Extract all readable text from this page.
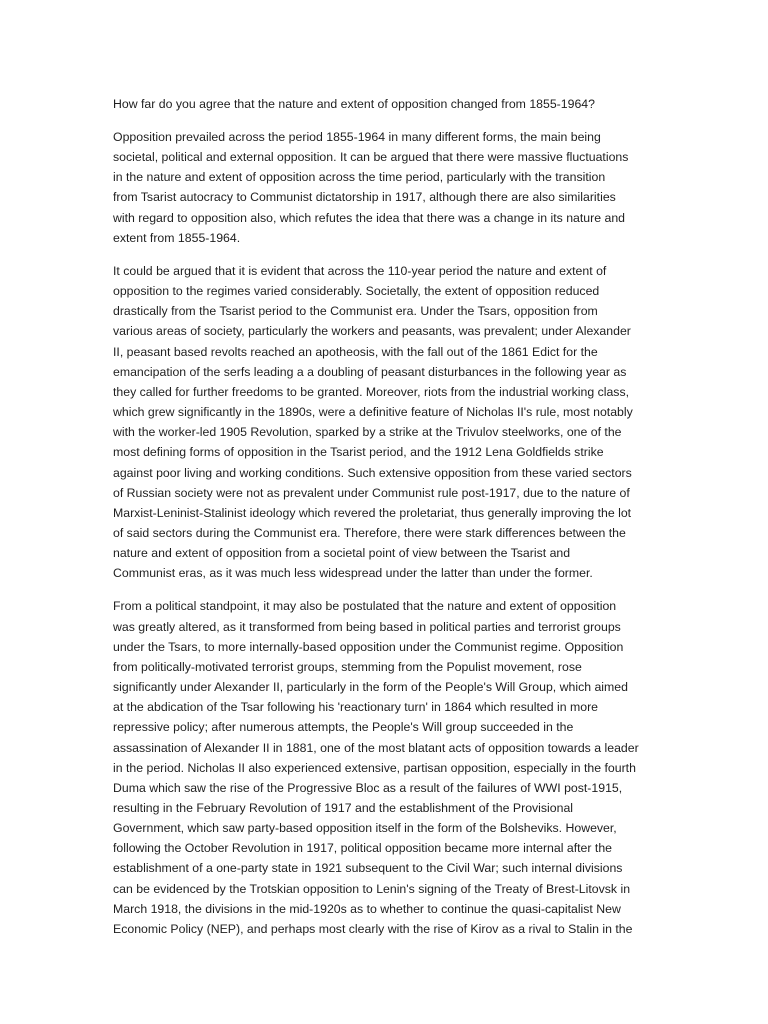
How far do you agree that the nature and extent of opposition changed from 1855-1964?

Opposition prevailed across the period 1855-1964 in many different forms, the main being
societal, political and external opposition. It can be argued that there were massive fluctuations
in the nature and extent of opposition across the time period, particularly with the transition
from Tsarist autocracy to Communist dictatorship in 1917, although there are also similarities
with regard to opposition also, which refutes the idea that there was a change in its nature and
extent from 1855-1964.

It could be argued that it is evident that across the 110-year period the nature and extent of
opposition to the regimes varied considerably. Societally, the extent of opposition reduced
drastically from the Tsarist period to the Communist era. Under the Tsars, opposition from
various areas of society, particularly the workers and peasants, was prevalent; under Alexander
II, peasant based revolts reached an apotheosis, with the fall out of the 1861 Edict for the
emancipation of the serfs leading a a doubling of peasant disturbances in the following year as
they called for further freedoms to be granted. Moreover, riots from the industrial working class,
which grew significantly in the 1890s, were a definitive feature of Nicholas II's rule, most notably
with the worker-led 1905 Revolution, sparked by a strike at the Trivulov steelworks, one of the
most defining forms of opposition in the Tsarist period, and the 1912 Lena Goldfields strike
against poor living and working conditions. Such extensive opposition from these varied sectors
of Russian society were not as prevalent under Communist rule post-1917, due to the nature of
Marxist-Leninist-Stalinist ideology which revered the proletariat, thus generally improving the lot
of said sectors during the Communist era. Therefore, there were stark differences between the
nature and extent of opposition from a societal point of view between the Tsarist and
Communist eras, as it was much less widespread under the latter than under the former.

From a political standpoint, it may also be postulated that the nature and extent of opposition
was greatly altered, as it transformed from being based in political parties and terrorist groups
under the Tsars, to more internally-based opposition under the Communist regime. Opposition
from politically-motivated terrorist groups, stemming from the Populist movement, rose
significantly under Alexander II, particularly in the form of the People's Will Group, which aimed
at the abdication of the Tsar following his 'reactionary turn' in 1864 which resulted in more
repressive policy; after numerous attempts, the People's Will group succeeded in the
assassination of Alexander II in 1881, one of the most blatant acts of opposition towards a leader
in the period. Nicholas II also experienced extensive, partisan opposition, especially in the fourth
Duma which saw the rise of the Progressive Bloc as a result of the failures of WWI post-1915,
resulting in the February Revolution of 1917 and the establishment of the Provisional
Government, which saw party-based opposition itself in the form of the Bolsheviks. However,
following the October Revolution in 1917, political opposition became more internal after the
establishment of a one-party state in 1921 subsequent to the Civil War; such internal divisions
can be evidenced by the Trotskian opposition to Lenin's signing of the Treaty of Brest-Litovsk in
March 1918, the divisions in the mid-1920s as to whether to continue the quasi-capitalist New
Economic Policy (NEP), and perhaps most clearly with the rise of Kirov as a rival to Stalin in the
